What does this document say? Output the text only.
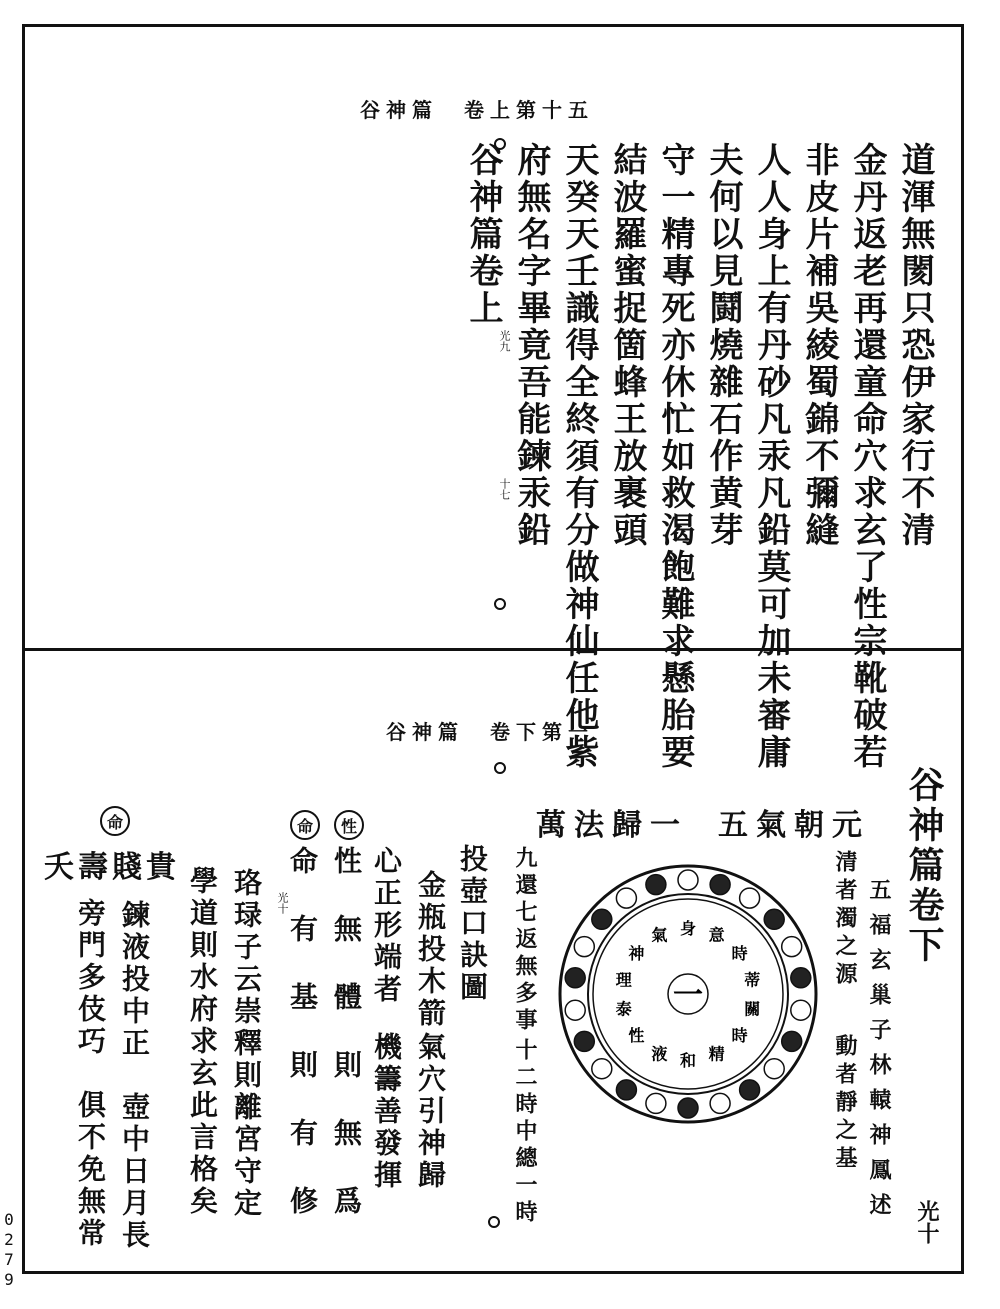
谷神篇　卷上第十五
道渾無閡只恐伊家行不清
金丹返老再還童命穴求玄了性宗靴破若
非皮片補吳綾蜀錦不彌縫
人人身上有丹砂凡汞凡鉛莫可加未審庸
夫何以見鬪燒雜石作黄芽
守一精專死亦休忙如救渴飽難求懸胎要
結波羅蜜捉箇蜂王放裹頭
天癸天壬識得全終須有分做神仙任他紫
府無名字畢竟吾能鍊汞鉛
谷神篇卷上
光九
十七
谷神篇　卷下第一
谷神篇卷下
五福玄巢子林轅神鳳述
清者濁之源
動者靜之基
光十
五氣朝元
萬法歸一
身 意
時
蒂
關
時
精
和
液
性
泰
理
神
氣
一
九還七返無多事
十二時中總一時
投壺口訣圖
金瓶投木箭
氣穴引神歸
心正形端者
機籌善發揮
性
命
命
性　無　體　則　無　爲
命　有　基　則　有　修
光十
珞琭子云崇釋則離宮守定
學道則水府求玄此言格矣
貴賤壽夭
鍊液投中正　壺中日月長
旁門多伎巧　俱不免無常
0
2
7
9
